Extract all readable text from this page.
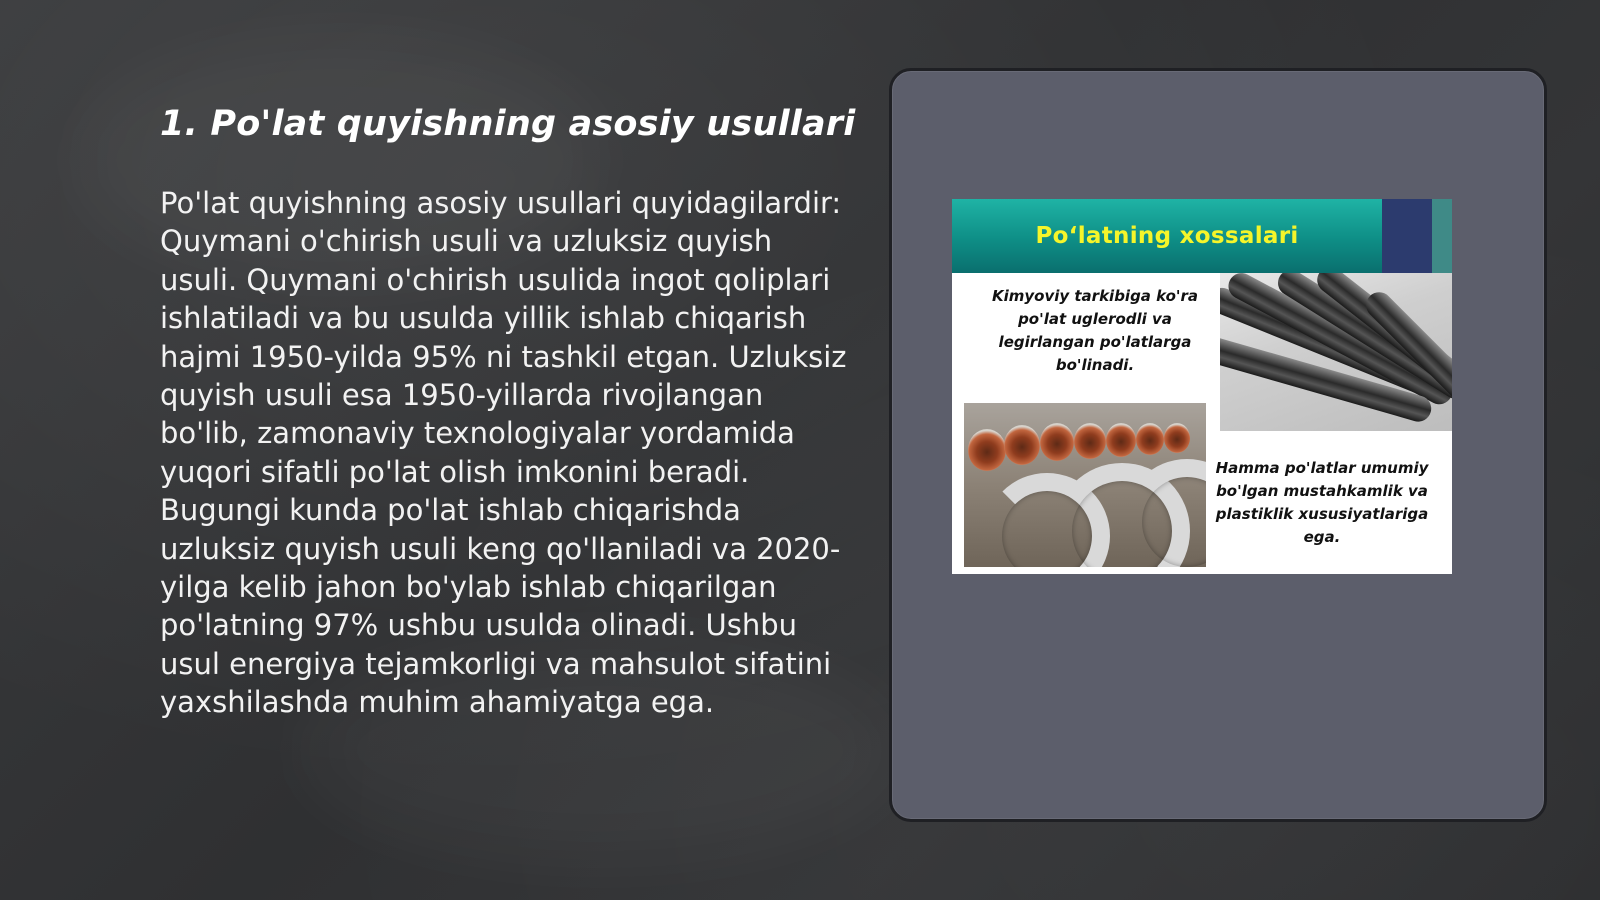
1. Po'lat quyishning asosiy usullari

Po'lat quyishning asosiy usullari quyidagilardir: Quymani o'chirish usuli va uzluksiz quyish usuli. Quymani o'chirish usulida ingot qoliplari ishlatiladi va bu usulda yillik ishlab chiqarish hajmi 1950-yilda 95% ni tashkil etgan. Uzluksiz quyish usuli esa 1950-yillarda rivojlangan bo'lib, zamonaviy texnologiyalar yordamida yuqori sifatli po'lat olish imkonini beradi. Bugungi kunda po'lat ishlab chiqarishda uzluksiz quyish usuli keng qo'llaniladi va 2020-yilga kelib jahon bo'ylab ishlab chiqarilgan po'latning 97% ushbu usulda olinadi. Ushbu usul energiya tejamkorligi va mahsulot sifatini yaxshilashda muhim ahamiyatga ega.

Po‘latning xossalari
Kimyoviy tarkibiga ko'ra po'lat uglerodli va legirlangan po'latlarga bo'linadi.
Hamma po'latlar umumiy bo'lgan mustahkamlik va plastiklik xususiyatlariga ega.
